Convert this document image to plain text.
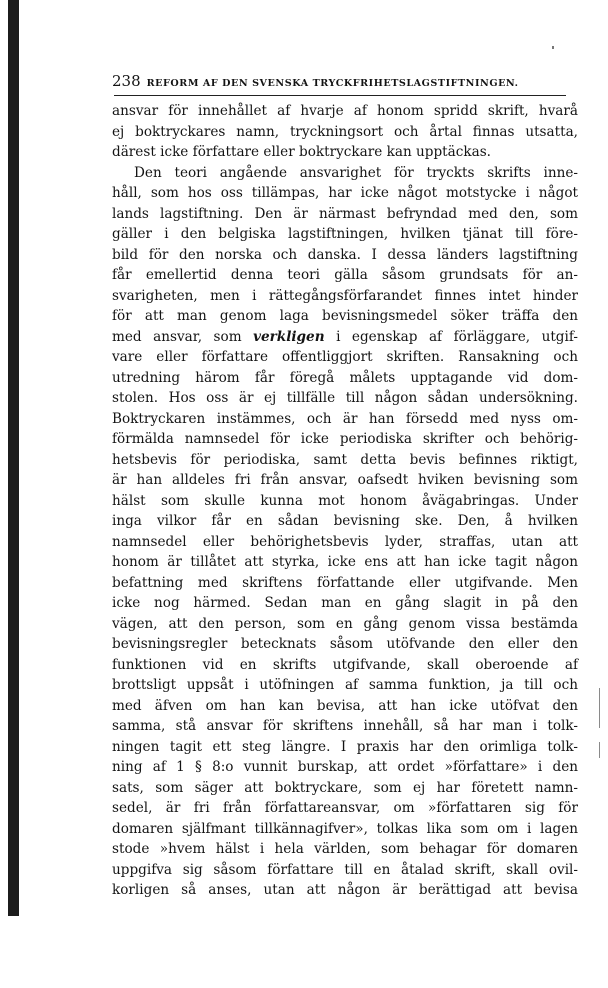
238 REFORM AF DEN SVENSKA TRYCKFRIHETSLAGSTIFTNINGEN.
ansvar för innehållet af hvarje af honom spridd skrift, hvarå
ej boktryckares namn, tryckningsort och årtal finnas utsatta,
därest icke författare eller boktryckare kan upptäckas.
Den teori angående ansvarighet för tryckts skrifts inne-
håll, som hos oss tillämpas, har icke något motstycke i något
lands lagstiftning. Den är närmast befryndad med den, som
gäller i den belgiska lagstiftningen, hvilken tjänat till före-
bild för den norska och danska. I dessa länders lagstiftning
får emellertid denna teori gälla såsom grundsats för an-
svarigheten, men i rättegångsförfarandet finnes intet hinder
för att man genom laga bevisningsmedel söker träffa den
med ansvar, som verkligen i egenskap af förläggare, utgif-
vare eller författare offentliggjort skriften. Ransakning och
utredning härom får föregå målets upptagande vid dom-
stolen. Hos oss är ej tillfälle till någon sådan undersökning.
Boktryckaren instämmes, och är han försedd med nyss om-
förmälda namnsedel för icke periodiska skrifter och behörig-
hetsbevis för periodiska, samt detta bevis befinnes riktigt,
är han alldeles fri från ansvar, oafsedt hviken bevisning som
hälst som skulle kunna mot honom åvägabringas. Under
inga vilkor får en sådan bevisning ske. Den, å hvilken
namnsedel eller behörighetsbevis lyder, straffas, utan att
honom är tillåtet att styrka, icke ens att han icke tagit någon
befattning med skriftens författande eller utgifvande. Men
icke nog härmed. Sedan man en gång slagit in på den
vägen, att den person, som en gång genom vissa bestämda
bevisningsregler betecknats såsom utöfvande den eller den
funktionen vid en skrifts utgifvande, skall oberoende af
brottsligt uppsåt i utöfningen af samma funktion, ja till och
med äfven om han kan bevisa, att han icke utöfvat den
samma, stå ansvar för skriftens innehåll, så har man i tolk-
ningen tagit ett steg längre. I praxis har den orimliga tolk-
ning af 1 § 8:o vunnit burskap, att ordet »författare» i den
sats, som säger att boktryckare, som ej har företett namn-
sedel, är fri från författareansvar, om »författaren sig för
domaren själfmant tillkännagifver», tolkas lika som om i lagen
stode »hvem hälst i hela världen, som behagar för domaren
uppgifva sig såsom författare till en åtalad skrift, skall ovil-
korligen så anses, utan att någon är berättigad att bevisa
